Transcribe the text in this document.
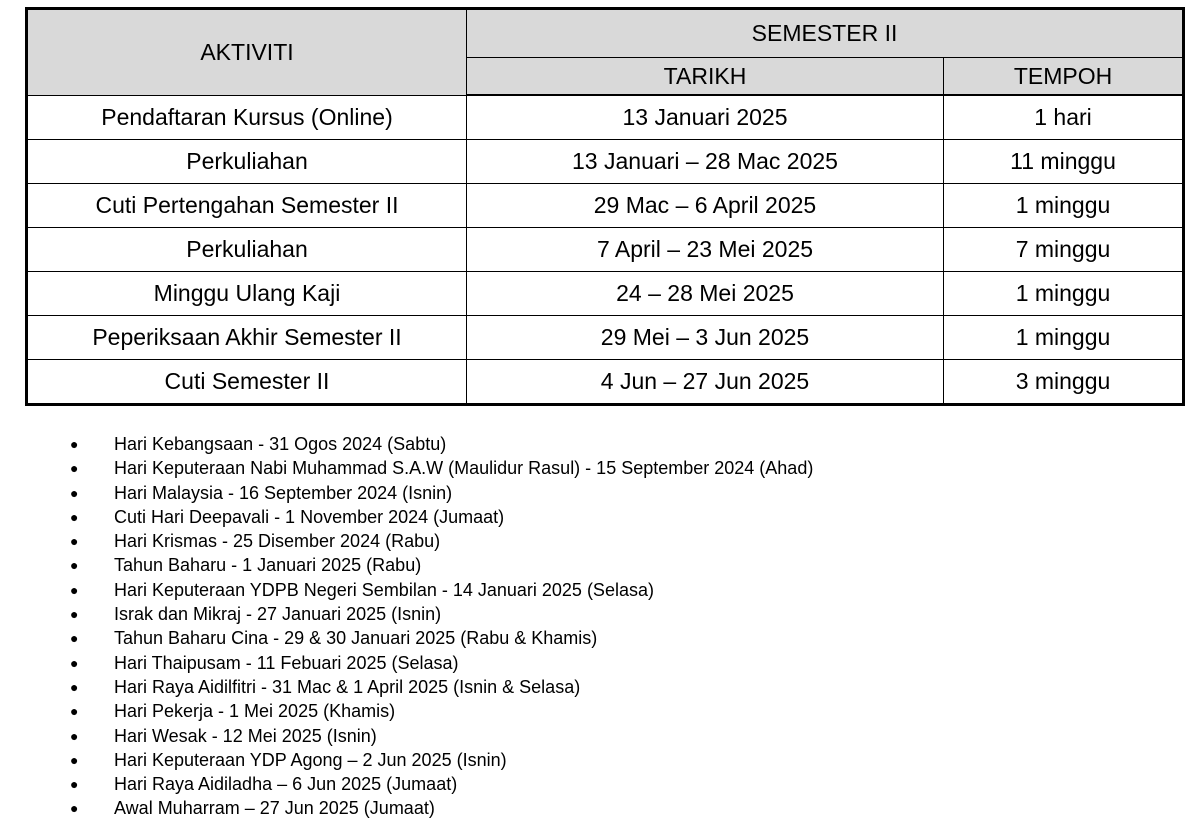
AKTIVITI	SEMESTER II	
	TARIKH	TEMPOH
Pendaftaran Kursus (Online)	13 Januari 2025	1 hari
Perkuliahan	13 Januari – 28 Mac 2025	11 minggu
Cuti Pertengahan Semester II	29 Mac – 6 April 2025	1 minggu
Perkuliahan	7 April – 23 Mei 2025	7 minggu
Minggu Ulang Kaji	24 – 28 Mei 2025	1 minggu
Peperiksaan Akhir Semester II	29 Mei – 3 Jun 2025	1 minggu
Cuti Semester II	4 Jun – 27 Jun 2025	3 minggu
● Hari Kebangsaan - 31 Ogos 2024 (Sabtu)
● Hari Keputeraan Nabi Muhammad S.A.W (Maulidur Rasul) - 15 September 2024 (Ahad)
● Hari Malaysia - 16 September 2024 (Isnin)
● Cuti Hari Deepavali - 1 November 2024 (Jumaat)
● Hari Krismas - 25 Disember 2024 (Rabu)
● Tahun Baharu - 1 Januari 2025 (Rabu)
● Hari Keputeraan YDPB Negeri Sembilan - 14 Januari 2025 (Selasa)
● Israk dan Mikraj - 27 Januari 2025 (Isnin)
● Tahun Baharu Cina - 29 & 30 Januari 2025 (Rabu & Khamis)
● Hari Thaipusam - 11 Febuari 2025 (Selasa)
● Hari Raya Aidilfitri - 31 Mac & 1 April 2025 (Isnin & Selasa)
● Hari Pekerja - 1 Mei 2025 (Khamis)
● Hari Wesak - 12 Mei 2025 (Isnin)
● Hari Keputeraan YDP Agong – 2 Jun 2025 (Isnin)
● Hari Raya Aidiladha – 6 Jun 2025 (Jumaat)
● Awal Muharram – 27 Jun 2025 (Jumaat)
